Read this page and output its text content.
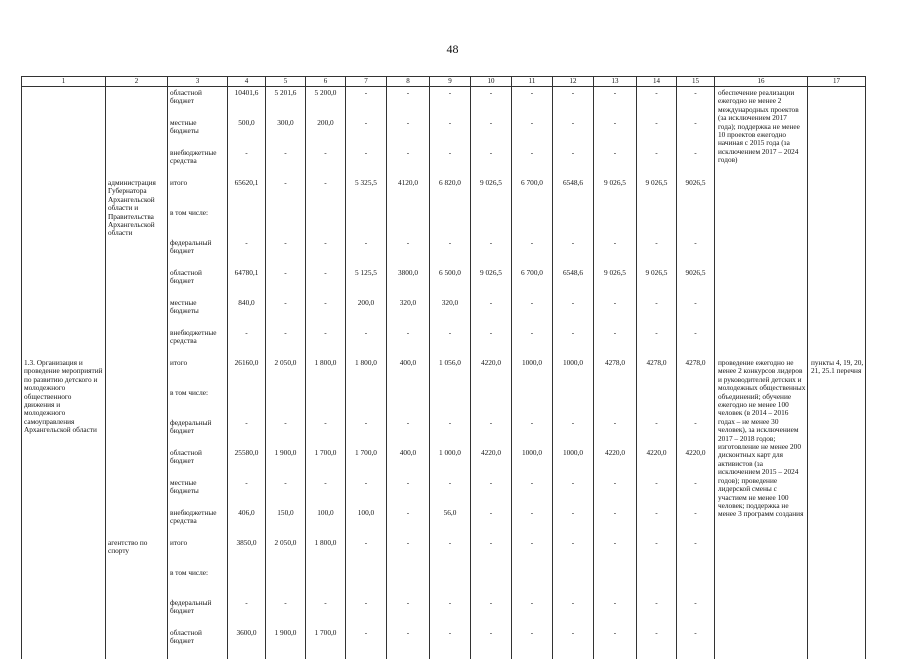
48
1	2	3	4	5	6	7	8	9	10	11	12	13	14	15	16	17
		областной бюджет	10401,6	5 201,6	5 200,0	-	-	-	-	-	-	-	-	-	обеспечение реализации ежегодно не менее 2 международных проектов (за исключением 2017 года); поддержка не менее 10 проектов ежегодно начиная с 2015 года (за исключением 2017 – 2024 годов)	

		местные бюджеты	500,0	300,0	200,0	-	-	-	-	-	-	-	-	-		
		внебюджетные средства	-	-	-	-	-	-	-	-	-	-	-	-		

	администрация Губернатора Архангельской области и Правительства Архангельской области	итого	65620,1	-	-	5 325,5	4120,0	6 820,0	9 026,5	6 700,0	6548,6	9 026,5	9 026,5	9026,5		
		в том числе:														
		федеральный бюджет	-	-	-	-	-	-	-	-	-	-	-	-		
		областной бюджет	64780,1	-	-	5 125,5	3800,0	6 500,0	9 026,5	6 700,0	6548,6	9 026,5	9 026,5	9026,5		
		местные бюджеты	840,0	-	-	200,0	320,0	320,0	-	-	-	-	-	-		
		внебюджетные средства	-	-	-	-	-	-	-	-	-	-	-	-		

1.3. Организация и проведение мероприятий по развитию детского и молодежного общественного движения и молодежного самоуправления Архангельской области		итого	26160,0	2 050,0	1 800,0	1 800,0	400,0	1 056,0	4220,0	1000,0	1000,0	4278,0	4278,0	4278,0	проведение ежегодно не менее 2 конкурсов лидеров и руководителей детских и молодежных общественных объединений; обучение ежегодно не менее 100 человек (в 2014 – 2016 годах – не менее 30 человек), за исключением 2017 – 2018 годов; изготовление не менее 200 дисконтных карт для активистов (за исключением 2015 – 2024 годов); проведение лидерской смены с участием не менее 100 человек; поддержка не менее 3 программ создания	пункты 4, 19, 20, 21, 25.1 перечня

		в том числе:														
		федеральный бюджет	-	-	-	-	-	-	-	-	-	-	-	-		
		областной бюджет	25580,0	1 900,0	1 700,0	1 700,0	400,0	1 000,0	4220,0	1000,0	1000,0	4220,0	4220,0	4220,0		
		местные бюджеты	-	-	-	-	-	-	-	-	-	-	-	-		
		внебюджетные средства	406,0	150,0	100,0	100,0	-	56,0	-	-	-	-	-	-		

	агентство по спорту	итого	3850,0	2 050,0	1 800,0	-	-	-	-	-	-	-	-	-		
		в том числе:														
		федеральный бюджет	-	-	-	-	-	-	-	-	-	-	-	-		
		областной бюджет	3600,0	1 900,0	1 700,0	-	-	-	-	-	-	-	-	-		
